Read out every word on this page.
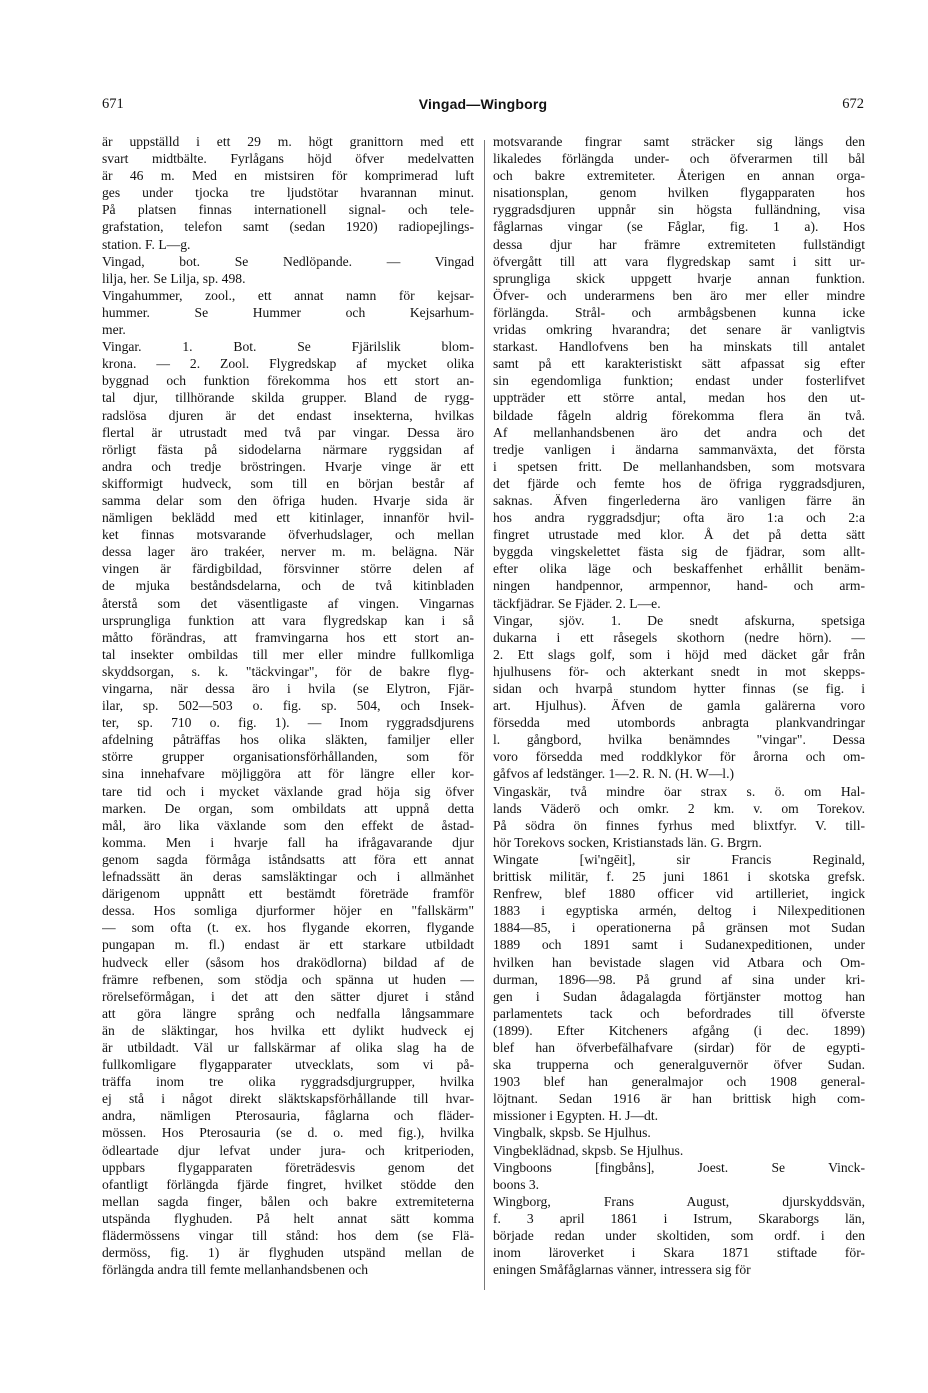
671	Vingad—Wingborg	672
är uppställd i ett 29 m. högt granittorn med ett
svart midtbälte. Fyrlågans höjd öfver medelvatten
är 46 m. Med en mistsiren för komprimerad luft
ges under tjocka tre ljudstötar hvarannan minut.
På platsen finnas internationell signal- och tele-
grafstation, telefon samt (sedan 1920) radiopejlings-
station. F. L—g.
Vingad, bot. Se Nedlöpande. — Vingad
lilja, her. Se Lilja, sp. 498.
Vingahummer, zool., ett annat namn för kejsar-
hummer. Se Hummer och Kejsarhum-
mer.
Vingar. 1. Bot. Se Fjärilslik blom-
krona. — 2. Zool. Flygredskap af mycket olika
byggnad och funktion förekomma hos ett stort an-
tal djur, tillhörande skilda grupper. Bland de rygg-
radslösa djuren är det endast insekterna, hvilkas
flertal är utrustadt med två par vingar. Dessa äro
rörligt fästa på sidodelarna närmare ryggsidan af
andra och tredje bröstringen. Hvarje vinge är ett
skifformigt hudveck, som till en början består af
samma delar som den öfriga huden. Hvarje sida är
nämligen beklädd med ett kitinlager, innanför hvil-
ket finnas motsvarande öfverhudslager, och mellan
dessa lager äro trakéer, nerver m. m. belägna. När
vingen är färdigbildad, försvinner större delen af
de mjuka beståndsdelarna, och de två kitinbladen
återstå som det väsentligaste af vingen. Vingarnas
ursprungliga funktion att vara flygredskap kan i så
måtto förändras, att framvingarna hos ett stort an-
tal insekter ombildas till mer eller mindre fullkomliga
skyddsorgan, s. k. "täckvingar", för de bakre flyg-
vingarna, när dessa äro i hvila (se Elytron, Fjär-
ilar, sp. 502—503 o. fig. sp. 504, och Insek-
ter, sp. 710 o. fig. 1). — Inom ryggradsdjurens
afdelning påträffas hos olika släkten, familjer eller
större grupper organisationsförhållanden, som för
sina innehafvare möjliggöra att för längre eller kor-
tare tid och i mycket växlande grad höja sig öfver
marken. De organ, som ombildats att uppnå detta
mål, äro lika växlande som den effekt de åstad-
komma. Men i hvarje fall ha ifrågavarande djur
genom sagda förmåga iståndsatts att föra ett annat
lefnadssätt än deras samsläktingar och i allmänhet
därigenom uppnått ett bestämdt företräde framför
dessa. Hos somliga djurformer höjer en "fallskärm"
— som ofta (t. ex. hos flygande ekorren, flygande
pungapan m. fl.) endast är ett starkare utbildadt
hudveck eller (såsom hos draködlorna) bildad af de
främre refbenen, som stödja och spänna ut huden —
rörelseförmågan, i det att den sätter djuret i stånd
att göra längre språng och nedfalla långsammare
än de släktingar, hos hvilka ett dylikt hudveck ej
är utbildadt. Väl ur fallskärmar af olika slag ha de
fullkomligare flygapparater utvecklats, som vi på-
träffa inom tre olika ryggradsdjurgrupper, hvilka
ej stå i något direkt släktskapsförhållande till hvar-
andra, nämligen Pterosauria, fåglarna och fläder-
mössen. Hos Pterosauria (se d. o. med fig.), hvilka
ödleartade djur lefvat under jura- och kritperioden,
uppbars flygapparaten företrädesvis genom det
ofantligt förlängda fjärde fingret, hvilket stödde den
mellan sagda finger, bålen och bakre extremiteterna
utspända flyghuden. På helt annat sätt komma
flädermössens vingar till stånd: hos dem (se Flä-
dermöss, fig. 1) är flyghuden utspänd mellan de
förlängda andra till femte mellanhandsbenen och
motsvarande fingrar samt sträcker sig längs den
likaledes förlängda under- och öfverarmen till bål
och bakre extremiteter. Återigen en annan orga-
nisationsplan, genom hvilken flygapparaten hos
ryggradsdjuren uppnår sin högsta fulländning, visa
fåglarnas vingar (se Fåglar, fig. 1 a). Hos
dessa djur har främre extremiteten fullständigt
öfvergått till att vara flygredskap samt i sitt ur-
sprungliga skick uppgett hvarje annan funktion.
Öfver- och underarmens ben äro mer eller mindre
förlängda. Strål- och armbågsbenen kunna icke
vridas omkring hvarandra; det senare är vanligtvis
starkast. Handlofvens ben ha minskats till antalet
samt på ett karakteristiskt sätt afpassat sig efter
sin egendomliga funktion; endast under fosterlifvet
uppträder ett större antal, medan hos den ut-
bildade fågeln aldrig förekomma flera än två.
Af mellanhandsbenen äro det andra och det
tredje vanligen i ändarna sammanväxta, det första
i spetsen fritt. De mellanhandsben, som motsvara
det fjärde och femte hos de öfriga ryggradsdjuren,
saknas. Äfven fingerlederna äro vanligen färre än
hos andra ryggradsdjur; ofta äro 1:a och 2:a
fingret utrustade med klor. Å det på detta sätt
byggda vingskelettet fästa sig de fjädrar, som allt-
efter olika läge och beskaffenhet erhållit benäm-
ningen handpennor, armpennor, hand- och arm-
täckfjädrar. Se Fjäder. 2. L—e.
Vingar, sjöv. 1. De snedt afskurna, spetsiga
dukarna i ett råsegels skothorn (nedre hörn). —
2. Ett slags golf, som i höjd med däcket går från
hjulhusens för- och akterkant snedt in mot skepps-
sidan och hvarpå stundom hytter finnas (se fig. i
art. Hjulhus). Äfven de gamla galärerna voro
försedda med utombords anbragta plankvandringar
l. gångbord, hvilka benämndes "vingar". Dessa
voro försedda med roddklykor för årorna och om-
gåfvos af ledstänger. 1—2. R. N. (H. W—l.)
Vingaskär, två mindre öar strax s. ö. om Hal-
lands Väderö och omkr. 2 km. v. om Torekov.
På södra ön finnes fyrhus med blixtfyr. V. till-
hör Torekovs socken, Kristianstads län. G. Brgrn.
Wingate [wi'ngēit], sir Francis Reginald,
brittisk militär, f. 25 juni 1861 i skotska grefsk.
Renfrew, blef 1880 officer vid artilleriet, ingick
1883 i egyptiska armén, deltog i Nilexpeditionen
1884—85, i operationerna på gränsen mot Sudan
1889 och 1891 samt i Sudanexpeditionen, under
hvilken han bevistade slagen vid Atbara och Om-
durman, 1896—98. På grund af sina under kri-
gen i Sudan ådagalagda förtjänster mottog han
parlamentets tack och befordrades till öfverste
(1899). Efter Kitcheners afgång (i dec. 1899)
blef han öfverbefälhafvare (sirdar) för de egypti-
ska trupperna och generalguvernör öfver Sudan.
1903 blef han generalmajor och 1908 general-
löjtnant. Sedan 1916 är han brittisk high com-
missioner i Egypten. H. J—dt.
Vingbalk, skpsb. Se Hjulhus.
Vingbeklädnad, skpsb. Se Hjulhus.
Vingboons [fingbåns], Joest. Se Vinck-
boons 3.
Wingborg, Frans August, djurskyddsvän,
f. 3 april 1861 i Istrum, Skaraborgs län,
började redan under skoltiden, som ordf. i den
inom läroverket i Skara 1871 stiftade för-
eningen Småfåglarnas vänner, intressera sig för
